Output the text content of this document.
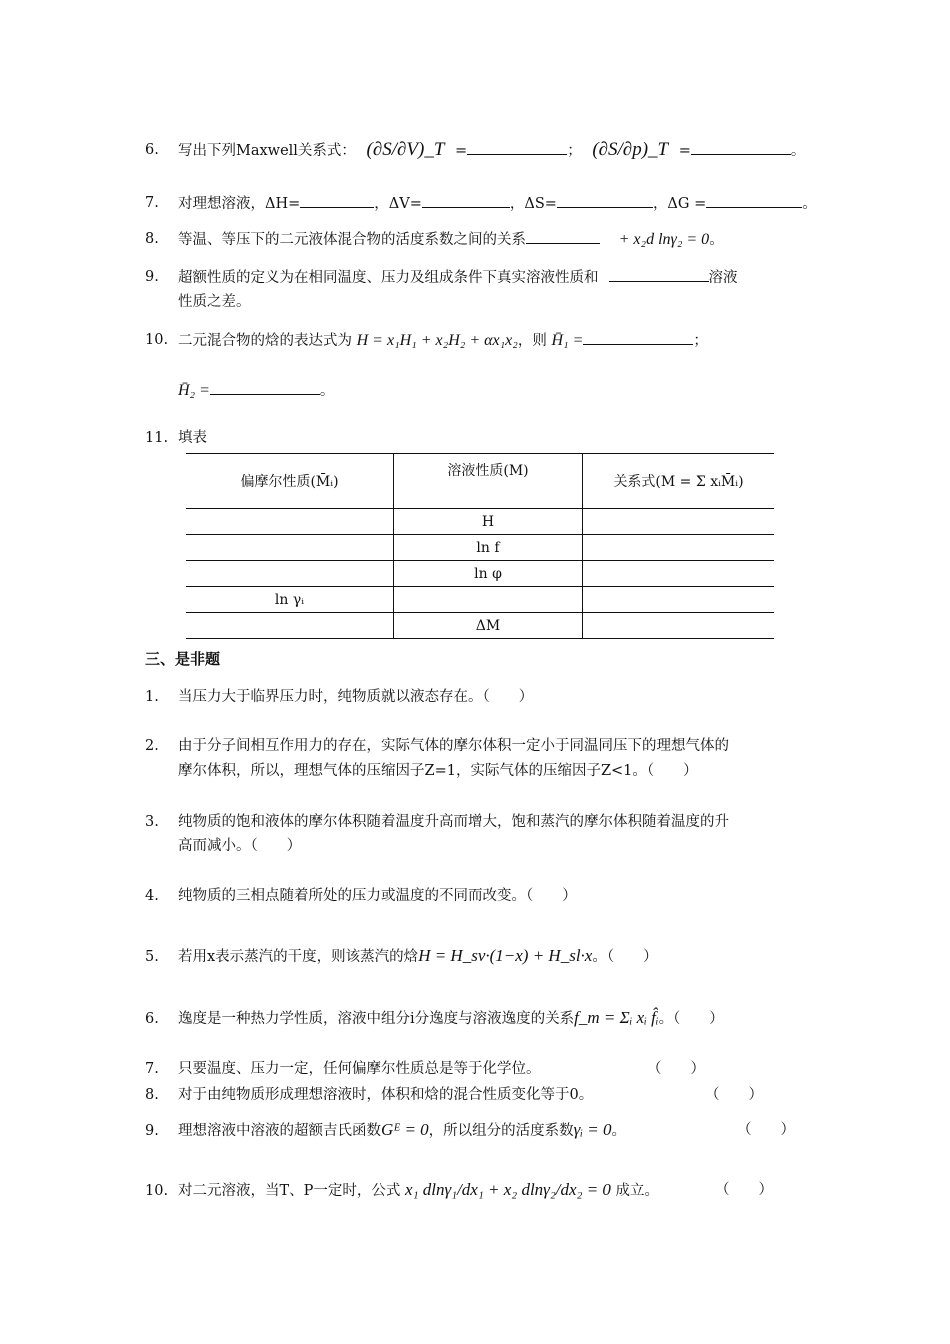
6.	写出下列Maxwell关系式： (∂S/∂V)_T =	； (∂S/∂p)_T =	。
7.	对理想溶液，ΔH=	，ΔV=	，ΔS=	，ΔG =	。
8.	等温、等压下的二元液体混合物的活度系数之间的关系	+ x₂d lnγ₂ = 0。
9.	超额性质的定义为在相同温度、压力及组成条件下真实溶液性质和	溶液
性质之差。
10. 二元混合物的焓的表达式为 H = x₁H₁ + x₂H₂ + αx₁x₂，则 H̄₁ =	；
H̄₂ =	。
11. 填表
偏摩尔性质(M̄ᵢ)	溶液性质(M)	关系式(M = Σ xᵢM̄ᵢ)
	H	
	ln f	
	ln φ	
ln γᵢ		
	ΔM	
三、是非题
1. 当压力大于临界压力时，纯物质就以液态存在。（　　）
2. 由于分子间相互作用力的存在，实际气体的摩尔体积一定小于同温同压下的理想气体的
摩尔体积，所以，理想气体的压缩因子Z=1，实际气体的压缩因子Z<1。（　　）
3. 纯物质的饱和液体的摩尔体积随着温度升高而增大，饱和蒸汽的摩尔体积随着温度的升
高而减小。（　　）
4. 纯物质的三相点随着所处的压力或温度的不同而改变。（　　）
5. 若用x表示蒸汽的干度，则该蒸汽的焓H = H_sv·(1−x) + H_sl·x。（　　）
6. 逸度是一种热力学性质，溶液中组分i分逸度与溶液逸度的关系f_m = Σᵢ xᵢ f̂ᵢ。（　　）
7. 只要温度、压力一定，任何偏摩尔性质总是等于化学位。	（　　）
8. 对于由纯物质形成理想溶液时，体积和焓的混合性质变化等于0。	（　　）
9. 理想溶液中溶液的超额吉氏函数Gᴱ = 0，所以组分的活度系数γᵢ = 0。	（　　）
10. 对二元溶液，当T、P一定时，公式 x₁ dlnγ₁/dx₁ + x₂ dlnγ₂/dx₂ = 0 成立。	（　　）
